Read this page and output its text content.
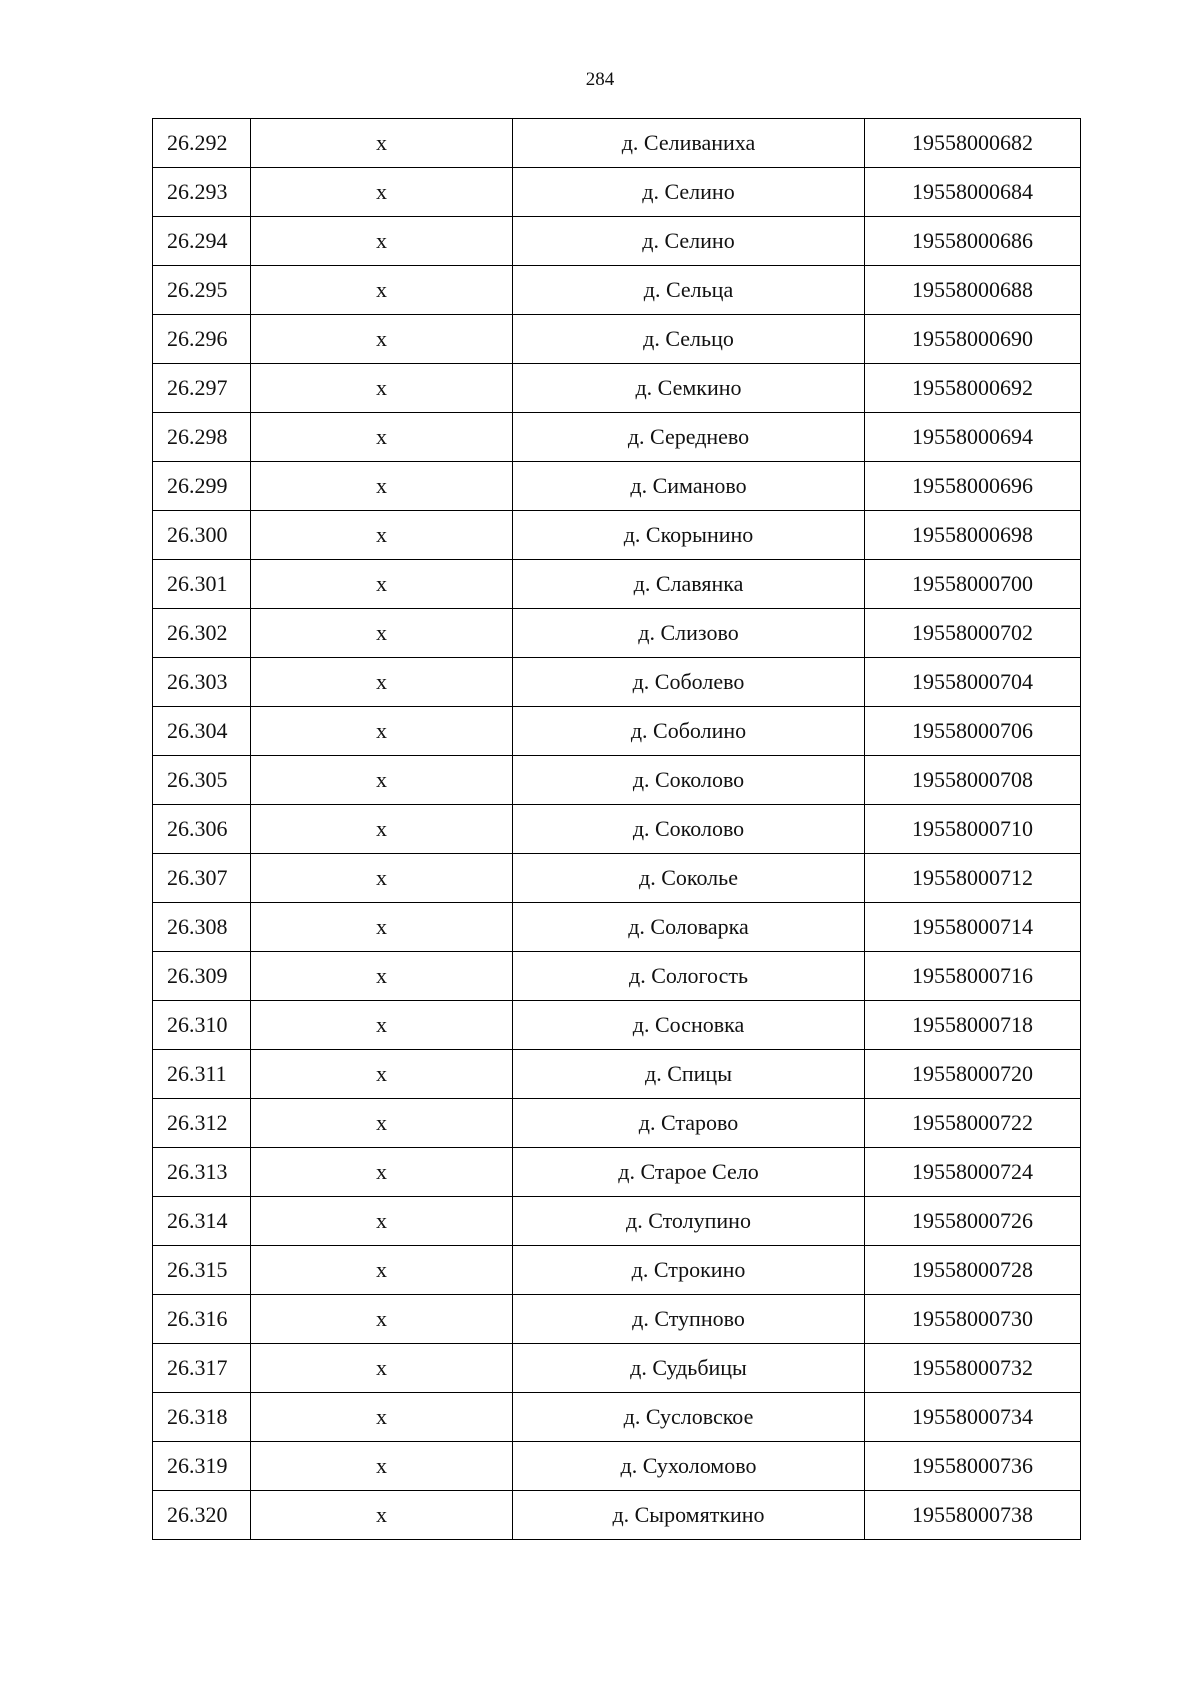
284
26.292	х	д. Селиваниха	19558000682
26.293	х	д. Селино	19558000684
26.294	х	д. Селино	19558000686
26.295	х	д. Сельца	19558000688
26.296	х	д. Сельцо	19558000690
26.297	х	д. Семкино	19558000692
26.298	х	д. Середнево	19558000694
26.299	х	д. Симаново	19558000696
26.300	х	д. Скорынино	19558000698
26.301	х	д. Славянка	19558000700
26.302	х	д. Слизово	19558000702
26.303	х	д. Соболево	19558000704
26.304	х	д. Соболино	19558000706
26.305	х	д. Соколово	19558000708
26.306	х	д. Соколово	19558000710
26.307	х	д. Соколье	19558000712
26.308	х	д. Соловарка	19558000714
26.309	х	д. Сологость	19558000716
26.310	х	д. Сосновка	19558000718
26.311	х	д. Спицы	19558000720
26.312	х	д. Старово	19558000722
26.313	х	д. Старое Село	19558000724
26.314	х	д. Столупино	19558000726
26.315	х	д. Строкино	19558000728
26.316	х	д. Ступново	19558000730
26.317	х	д. Судьбицы	19558000732
26.318	х	д. Сусловское	19558000734
26.319	х	д. Сухоломово	19558000736
26.320	х	д. Сыромяткино	19558000738
